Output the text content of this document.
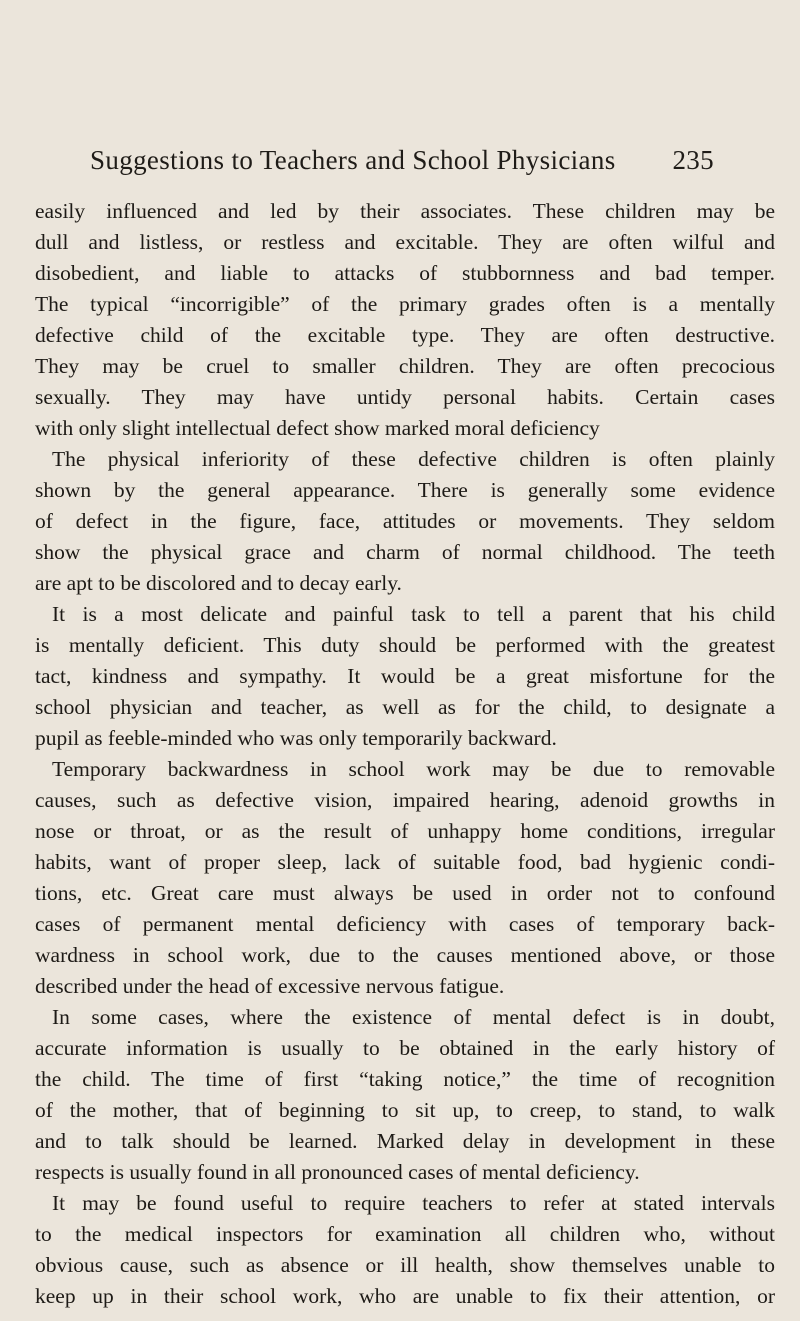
Suggestions to Teachers and School Physicians 235
easily influenced and led by their associates. These children may be
dull and listless, or restless and excitable. They are often wilful and
disobedient, and liable to attacks of stubbornness and bad temper.
The typical “incorrigible” of the primary grades often is a mentally
defective child of the excitable type. They are often destructive.
They may be cruel to smaller children. They are often precocious
sexually. They may have untidy personal habits. Certain cases
with only slight intellectual defect show marked moral deficiency
The physical inferiority of these defective children is often plainly
shown by the general appearance. There is generally some evidence
of defect in the figure, face, attitudes or movements. They seldom
show the physical grace and charm of normal childhood. The teeth
are apt to be discolored and to decay early.
It is a most delicate and painful task to tell a parent that his child
is mentally deficient. This duty should be performed with the greatest
tact, kindness and sympathy. It would be a great misfortune for the
school physician and teacher, as well as for the child, to designate a
pupil as feeble-minded who was only temporarily backward.
Temporary backwardness in school work may be due to removable
causes, such as defective vision, impaired hearing, adenoid growths in
nose or throat, or as the result of unhappy home conditions, irregular
habits, want of proper sleep, lack of suitable food, bad hygienic condi-
tions, etc. Great care must always be used in order not to confound
cases of permanent mental deficiency with cases of temporary back-
wardness in school work, due to the causes mentioned above, or those
described under the head of excessive nervous fatigue.
In some cases, where the existence of mental defect is in doubt,
accurate information is usually to be obtained in the early history of
the child. The time of first “taking notice,” the time of recognition
of the mother, that of beginning to sit up, to creep, to stand, to walk
and to talk should be learned. Marked delay in development in these
respects is usually found in all pronounced cases of mental deficiency.
It may be found useful to require teachers to refer at stated intervals
to the medical inspectors for examination all children who, without
obvious cause, such as absence or ill health, show themselves unable to
keep up in their school work, who are unable to fix their attention, or
